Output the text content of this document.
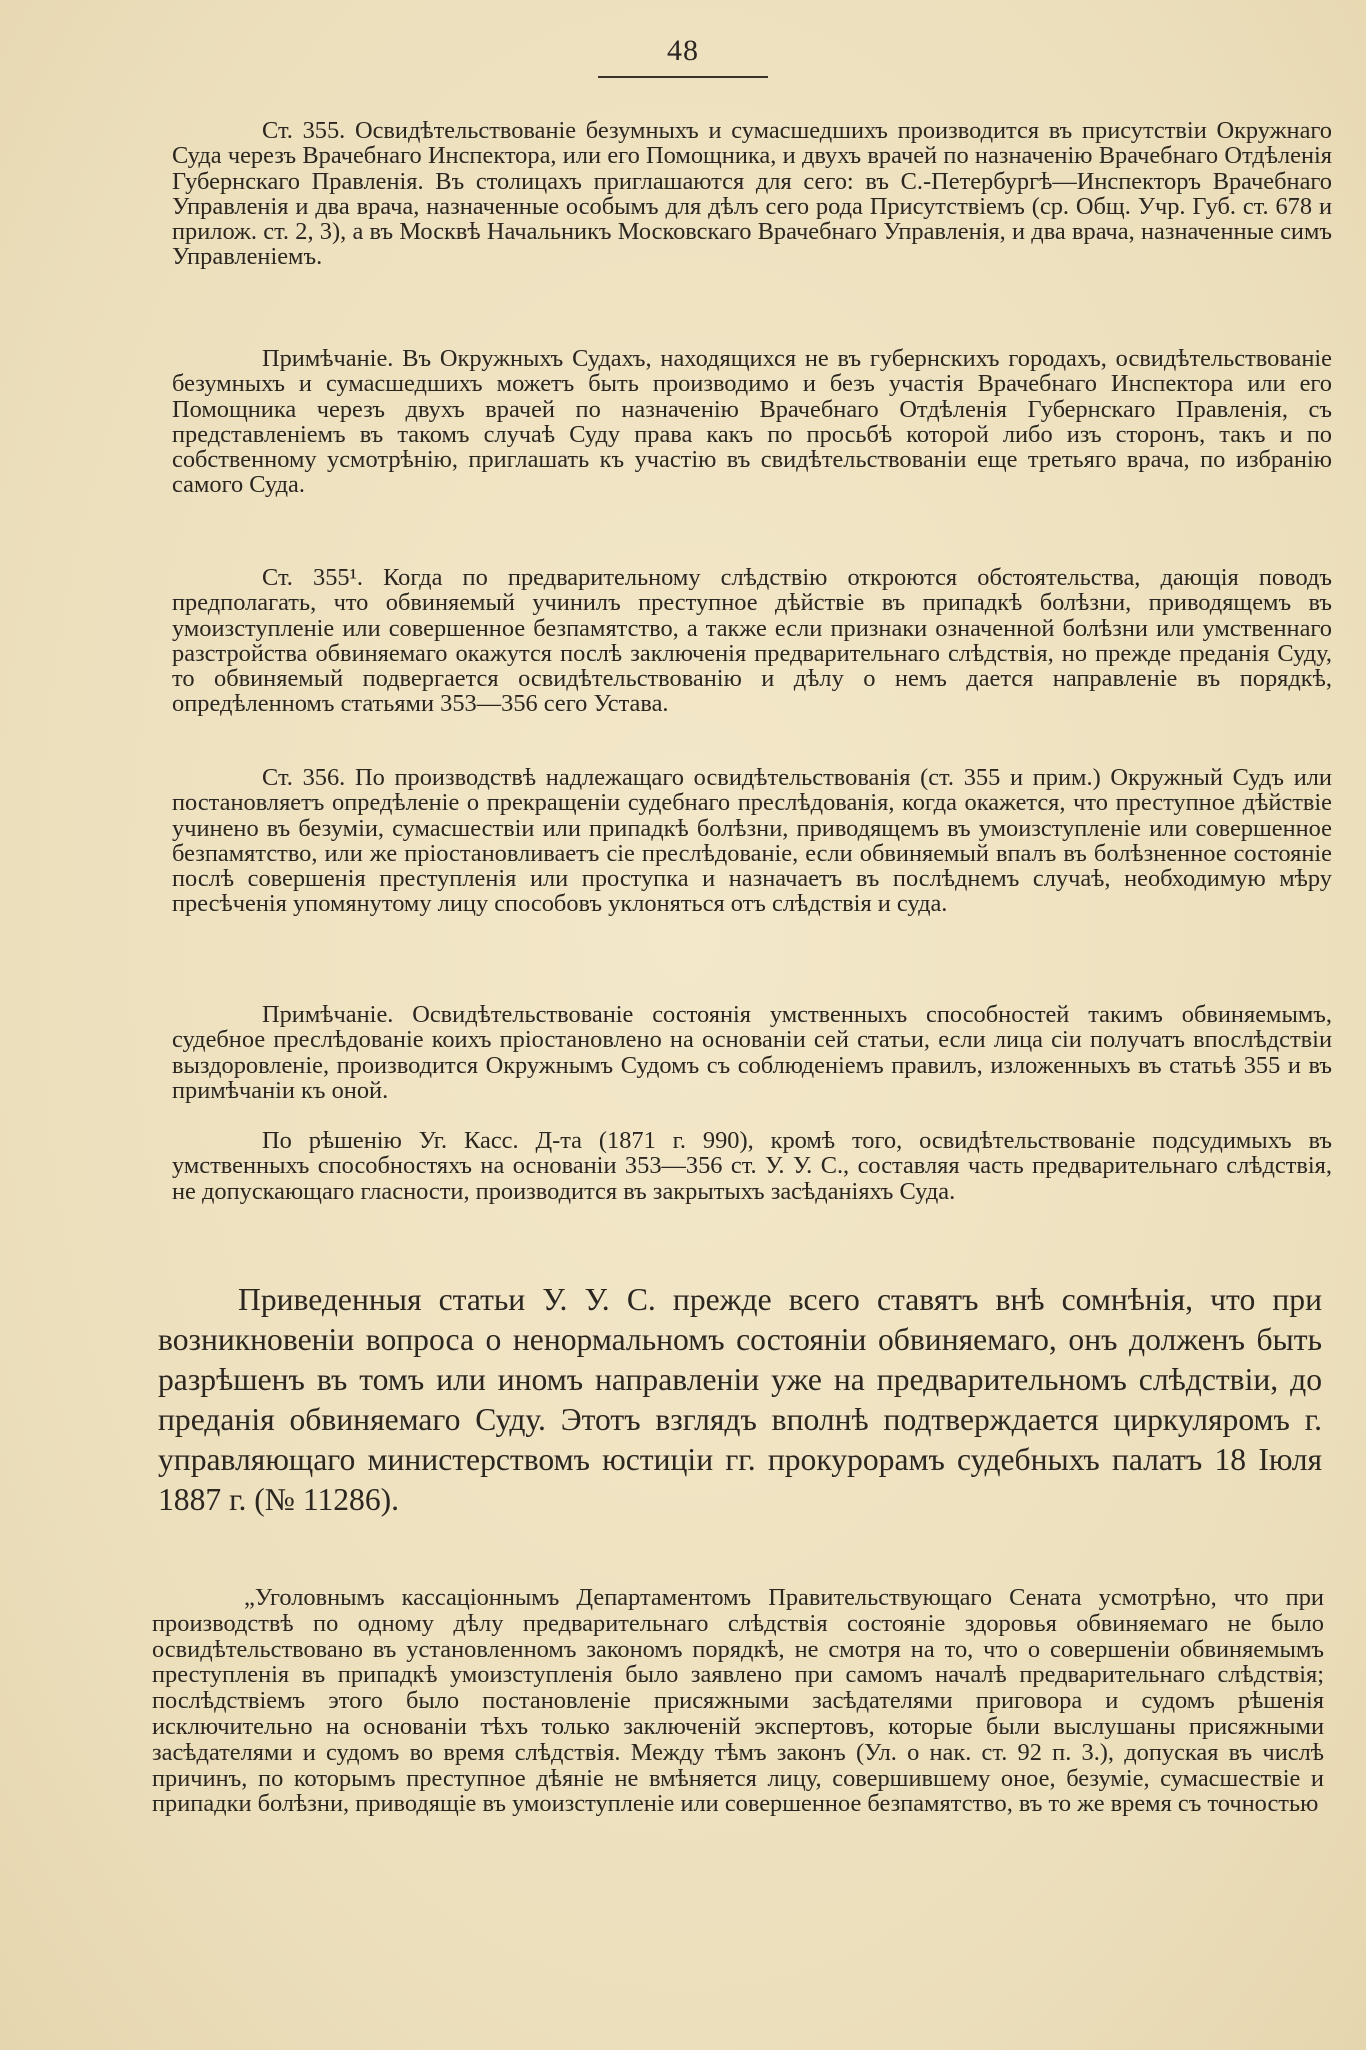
48

Ст. 355. Освидѣтельствованіе безумныхъ и сумасшедшихъ производится въ присутствіи Окружнаго Суда черезъ Врачебнаго Инспектора, или его Помощника, и двухъ врачей по назначенію Врачебнаго Отдѣленія Губернскаго Правленія. Въ столицахъ приглашаются для сего: въ С.-Петербургѣ—Инспекторъ Врачебнаго Управленія и два врача, назначенные особымъ для дѣлъ сего рода Присутствіемъ (ср. Общ. Учр. Губ. ст. 678 и прилож. ст. 2, 3), а въ Москвѣ Начальникъ Московскаго Врачебнаго Управленія, и два врача, назначенные симъ Управленіемъ.

Примѣчаніе. Въ Окружныхъ Судахъ, находящихся не въ губернскихъ городахъ, освидѣтельствованіе безумныхъ и сумасшедшихъ можетъ быть производимо и безъ участія Врачебнаго Инспектора или его Помощника черезъ двухъ врачей по назначенію Врачебнаго Отдѣленія Губернскаго Правленія, съ представленіемъ въ такомъ случаѣ Суду права какъ по просьбѣ которой либо изъ сторонъ, такъ и по собственному усмотрѣнію, приглашать къ участію въ свидѣтельствованіи еще третьяго врача, по избранію самого Суда.

Ст. 355¹. Когда по предварительному слѣдствію откроются обстоятельства, дающія поводъ предполагать, что обвиняемый учинилъ преступное дѣйствіе въ припадкѣ болѣзни, приводящемъ въ умоизступленіе или совершенное безпамятство, а также если признаки означенной болѣзни или умственнаго разстройства обвиняемаго окажутся послѣ заключенія предварительнаго слѣдствія, но прежде преданія Суду, то обвиняемый подвергается освидѣтельствованію и дѣлу о немъ дается направленіе въ порядкѣ, опредѣленномъ статьями 353—356 сего Устава.

Ст. 356. По производствѣ надлежащаго освидѣтельствованія (ст. 355 и прим.) Окружный Судъ или постановляетъ опредѣленіе о прекращеніи судебнаго преслѣдованія, когда окажется, что преступное дѣйствіе учинено въ безуміи, сумасшествіи или припадкѣ болѣзни, приводящемъ въ умоизступленіе или совершенное безпамятство, или же пріостановливаетъ сіе преслѣдованіе, если обвиняемый впалъ въ болѣзненное состояніе послѣ совершенія преступленія или проступка и назначаетъ въ послѣднемъ случаѣ, необходимую мѣру пресѣченія упомянутому лицу способовъ уклоняться отъ слѣдствія и суда.

Примѣчаніе. Освидѣтельствованіе состоянія умственныхъ способностей такимъ обвиняемымъ, судебное преслѣдованіе коихъ пріостановлено на основаніи сей статьи, если лица сіи получатъ впослѣдствіи выздоровленіе, производится Окружнымъ Судомъ съ соблюденіемъ правилъ, изложенныхъ въ статьѣ 355 и въ примѣчаніи къ оной.

По рѣшенію Уг. Касс. Д-та (1871 г. 990), кромѣ того, освидѣтельствованіе подсудимыхъ въ умственныхъ способностяхъ на основаніи 353—356 ст. У. У. С., составляя часть предварительнаго слѣдствія, не допускающаго гласности, производится въ закрытыхъ засѣданіяхъ Суда.

Приведенныя статьи У. У. С. прежде всего ставятъ внѣ сомнѣнія, что при возникновеніи вопроса о ненормальномъ состояніи обвиняемаго, онъ долженъ быть разрѣшенъ въ томъ или иномъ направленіи уже на предварительномъ слѣдствіи, до преданія обвиняемаго Суду. Этотъ взглядъ вполнѣ подтверждается циркуляромъ г. управляющаго министерствомъ юстиціи гг. прокурорамъ судебныхъ палатъ 18 Іюля 1887 г. (№ 11286).

„Уголовнымъ кассаціоннымъ Департаментомъ Правительствующаго Сената усмотрѣно, что при производствѣ по одному дѣлу предварительнаго слѣдствія состояніе здоровья обвиняемаго не было освидѣтельствовано въ установленномъ закономъ порядкѣ, не смотря на то, что о совершеніи обвиняемымъ преступленія въ припадкѣ умоизступленія было заявлено при самомъ началѣ предварительнаго слѣдствія; послѣдствіемъ этого было постановленіе присяжными засѣдателями приговора и судомъ рѣшенія исключительно на основаніи тѣхъ только заключеній экспертовъ, которые были выслушаны присяжными засѣдателями и судомъ во время слѣдствія. Между тѣмъ законъ (Ул. о нак. ст. 92 п. 3.), допуская въ числѣ причинъ, по которымъ преступное дѣяніе не вмѣняется лицу, совершившему оное, безуміе, сумасшествіе и припадки болѣзни, приводящіе въ умоизступленіе или совершенное безпамятство, въ то же время съ точностью
